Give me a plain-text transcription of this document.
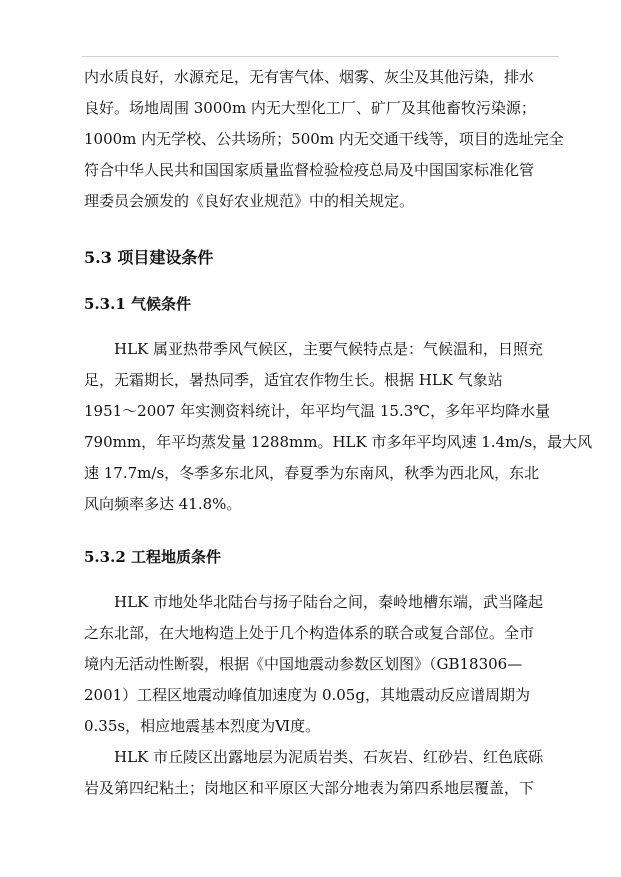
内水质良好，水源充足，无有害气体、烟雾、灰尘及其他污染，排水
良好。场地周围 3000m 内无大型化工厂、矿厂及其他畜牧污染源；
1000m 内无学校、公共场所；500m 内无交通干线等，项目的选址完全
符合中华人民共和国国家质量监督检验检疫总局及中国国家标准化管
理委员会颁发的《良好农业规范》中的相关规定。
5.3 项目建设条件
5.3.1 气候条件
HLK 属亚热带季风气候区，主要气候特点是：气候温和，日照充
足，无霜期长，暑热同季，适宜农作物生长。根据 HLK 气象站
1951～2007 年实测资料统计，年平均气温 15.3℃，多年平均降水量
790mm，年平均蒸发量 1288mm。HLK 市多年平均风速 1.4m/s，最大风
速 17.7m/s，冬季多东北风，春夏季为东南风，秋季为西北风，东北
风向频率多达 41.8%。
5.3.2 工程地质条件
HLK 市地处华北陆台与扬子陆台之间，秦岭地槽东端，武当隆起
之东北部，在大地构造上处于几个构造体系的联合或复合部位。全市
境内无活动性断裂，根据《中国地震动参数区划图》（GB18306—
2001）工程区地震动峰值加速度为 0.05g，其地震动反应谱周期为
0.35s，相应地震基本烈度为Ⅵ度。
HLK 市丘陵区出露地层为泥质岩类、石灰岩、红砂岩、红色底砾
岩及第四纪粘土；岗地区和平原区大部分地表为第四系地层覆盖，下
